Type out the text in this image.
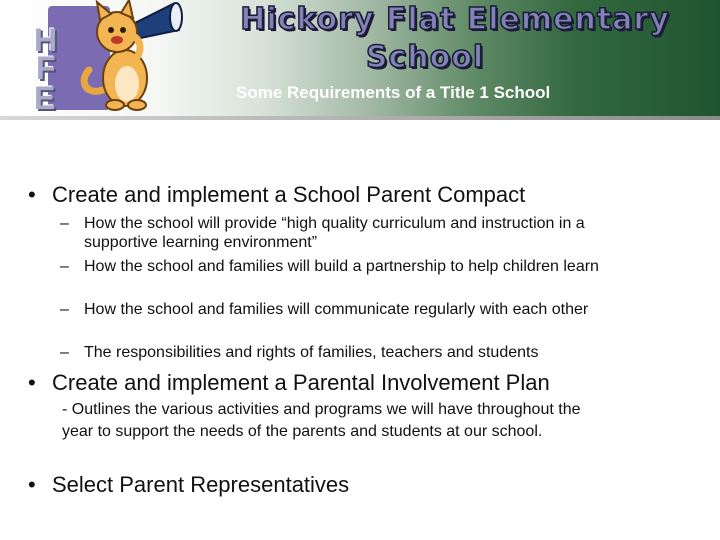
H
F
E
Hickory Flat Elementary
School
Some Requirements of a Title 1 School
• Create and implement a School Parent Compact
– How the school will provide “high quality curriculum and instruction in a supportive learning environment”
– How the school and families will build a partnership to help children learn
– How the school and families will communicate regularly with each other
– The responsibilities and rights of families, teachers and students
• Create and implement a Parental Involvement Plan
- Outlines the various activities and programs we will have throughout the year to support the needs of the parents and students at our school.
• Select Parent Representatives
